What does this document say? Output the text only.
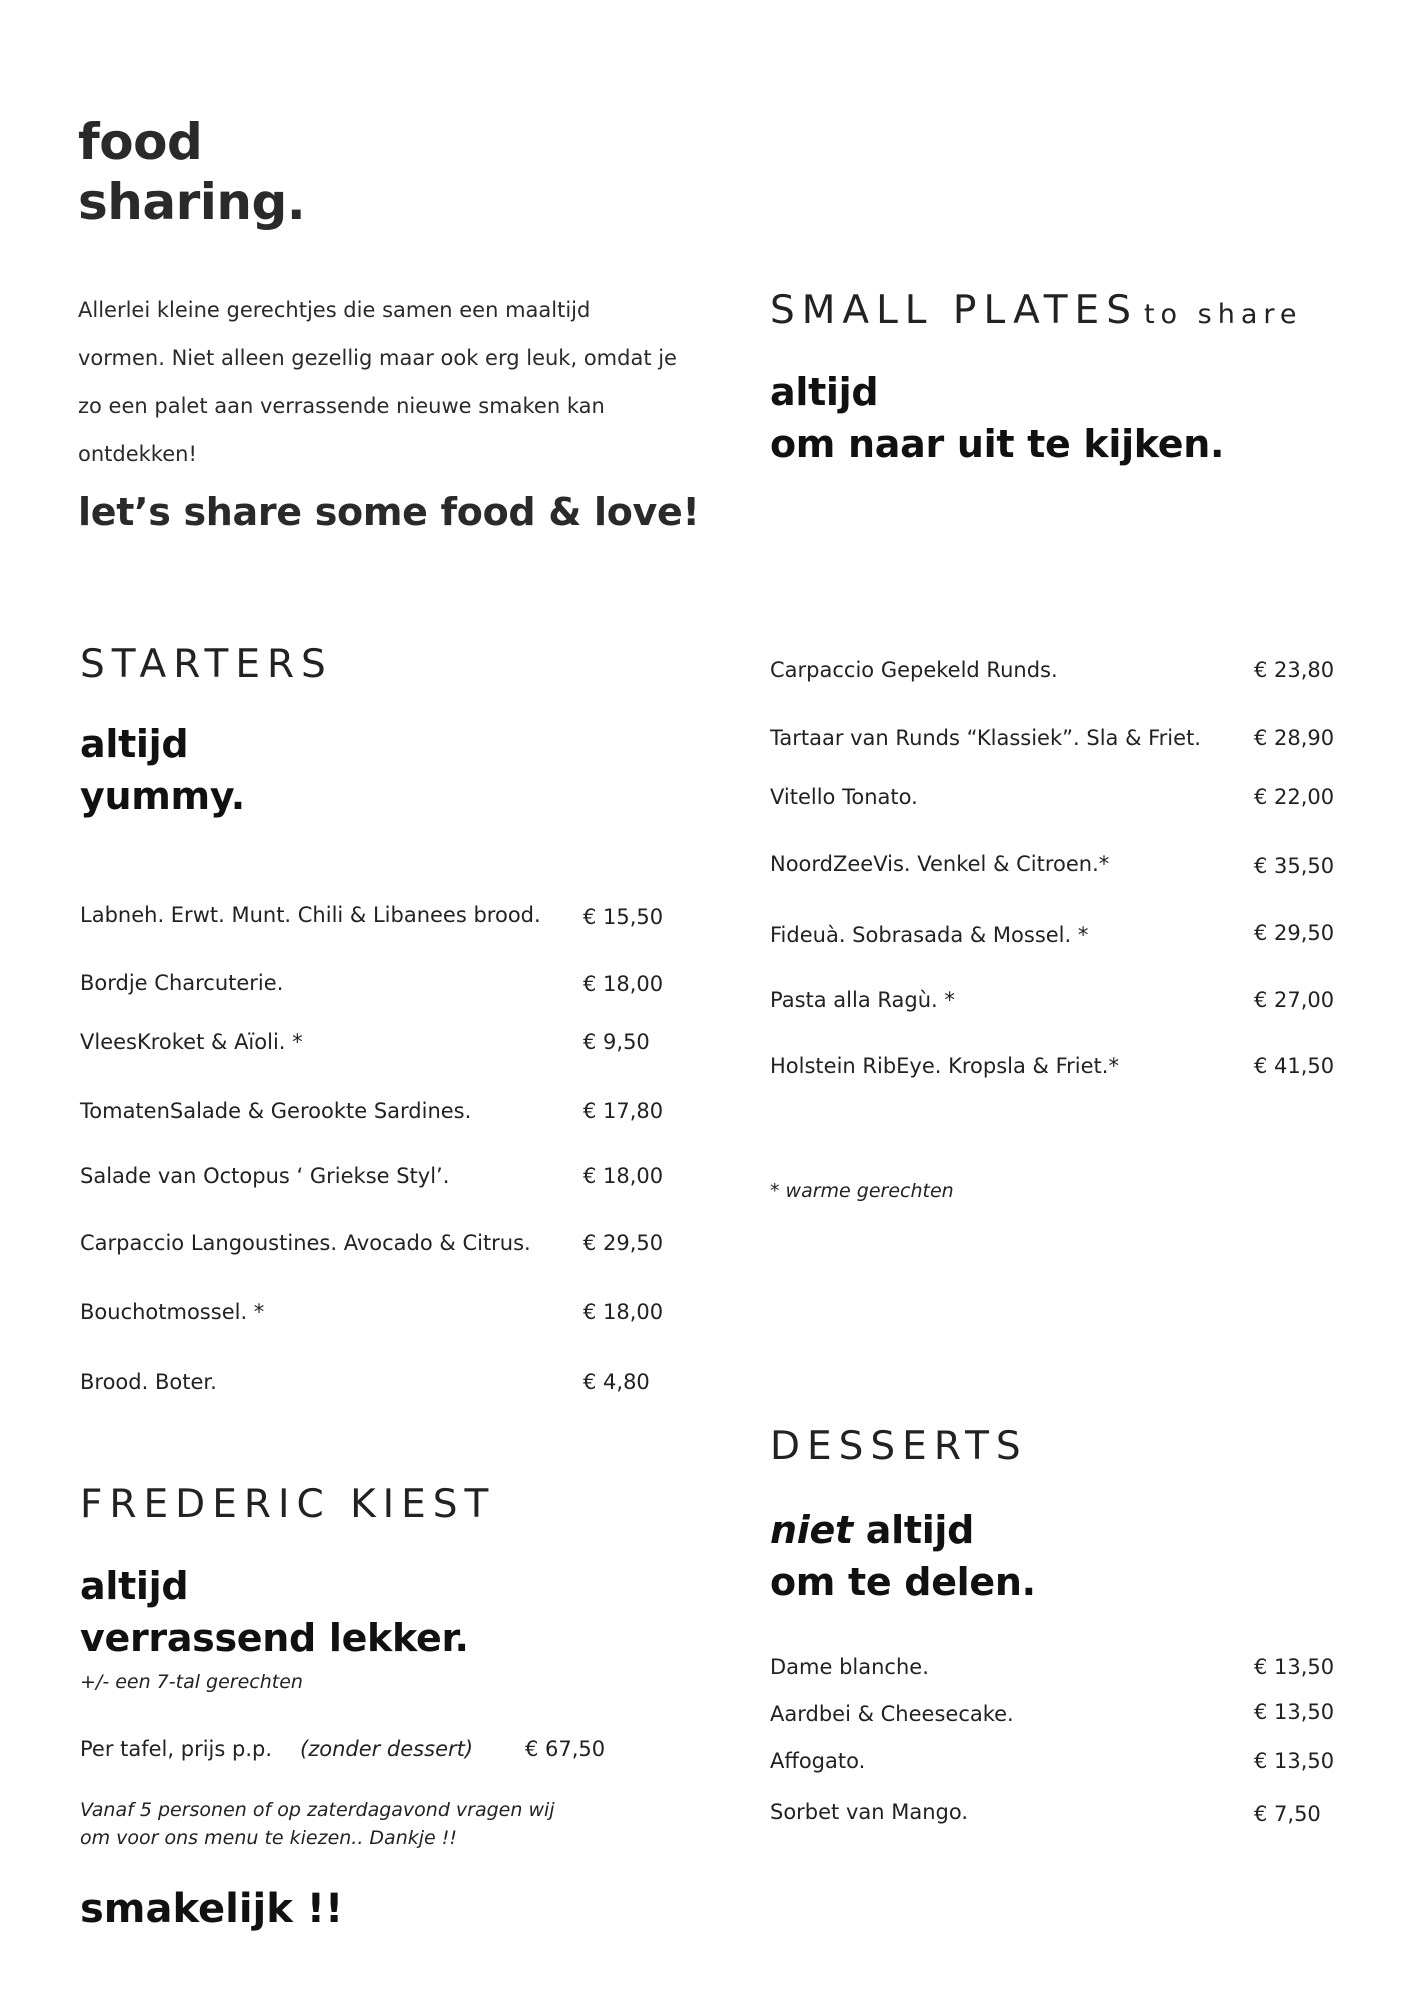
food
sharing.
Allerlei kleine gerechtjes die samen een maaltijd vormen. Niet alleen gezellig maar ook erg leuk, omdat je zo een palet aan verrassende nieuwe smaken kan ontdekken!
let’s share some food & love!
SMALL PLATES to share
altijd
om naar uit te kijken.
Carpaccio Gepekeld Runds.	€ 23,80
Tartaar van Runds “Klassiek”. Sla & Friet.	€ 28,90
Vitello Tonato.	€ 22,00
NoordZeeVis. Venkel & Citroen.*	€ 35,50
Fideuà. Sobrasada & Mossel. *	€ 29,50
Pasta alla Ragù. *	€ 27,00
Holstein RibEye. Kropsla & Friet.*	€ 41,50
* warme gerechten
STARTERS
altijd
yummy.
Labneh. Erwt. Munt. Chili & Libanees brood. € 15,50
Bordje Charcuterie.	€ 18,00
VleesKroket & Aïoli. *	€ 9,50
TomatenSalade & Gerookte Sardines.	€ 17,80
Salade van Octopus ‘ Griekse Styl’.	€ 18,00
Carpaccio Langoustines. Avocado & Citrus. € 29,50
Bouchotmossel. *	€ 18,00
Brood. Boter.	€ 4,80
FREDERIC KIEST
altijd
verrassend lekker.
+/- een 7-tal gerechten
Per tafel, prijs p.p. (zonder dessert) € 67,50
Vanaf 5 personen of op zaterdagavond vragen wij
om voor ons menu te kiezen.. Dankje !!
smakelijk !!
DESSERTS
niet altijd
om te delen.
Dame blanche.	€ 13,50
Aardbei & Cheesecake.	€ 13,50
Affogato.	€ 13,50
Sorbet van Mango.	€ 7,50
